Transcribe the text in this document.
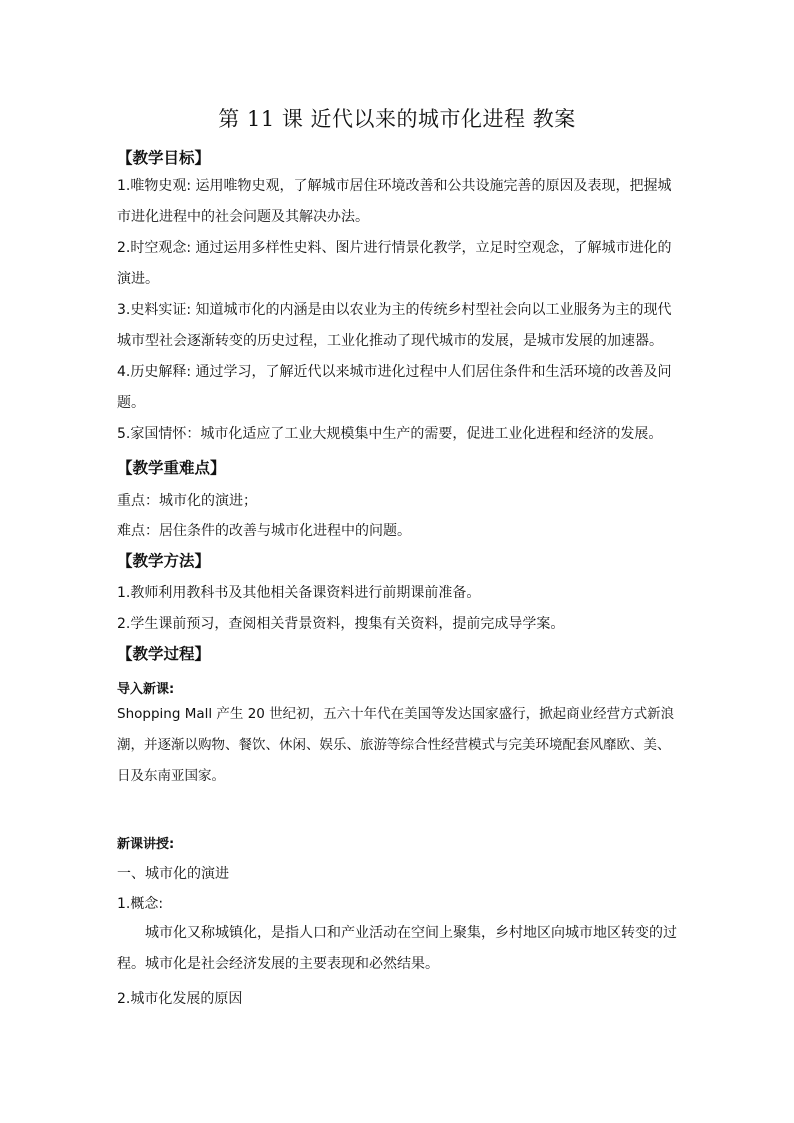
第 11 课 近代以来的城市化进程 教案
【教学目标】
1.唯物史观: 运用唯物史观，了解城市居住环境改善和公共设施完善的原因及表现，把握城市进化进程中的社会问题及其解决办法。
2.时空观念: 通过运用多样性史料、图片进行情景化教学，立足时空观念，了解城市进化的演进。
3.史料实证: 知道城市化的内涵是由以农业为主的传统乡村型社会向以工业服务为主的现代城市型社会逐渐转变的历史过程，工业化推动了现代城市的发展，是城市发展的加速器。
4.历史解释: 通过学习，了解近代以来城市进化过程中人们居住条件和生活环境的改善及问题。
5.家国情怀：城市化适应了工业大规模集中生产的需要，促进工业化进程和经济的发展。
【教学重难点】
重点：城市化的演进；
难点：居住条件的改善与城市化进程中的问题。
【教学方法】
1.教师利用教科书及其他相关备课资料进行前期课前准备。
2.学生课前预习，查阅相关背景资料，搜集有关资料，提前完成导学案。
【教学过程】
导入新课:
Shopping Mall 产生 20 世纪初，五六十年代在美国等发达国家盛行，掀起商业经营方式新浪潮，并逐渐以购物、餐饮、休闲、娱乐、旅游等综合性经营模式与完美环境配套风靡欧、美、日及东南亚国家。
新课讲授:
一、城市化的演进
1.概念:
城市化又称城镇化，是指人口和产业活动在空间上聚集，乡村地区向城市地区转变的过程。城市化是社会经济发展的主要表现和必然结果。
2.城市化发展的原因
